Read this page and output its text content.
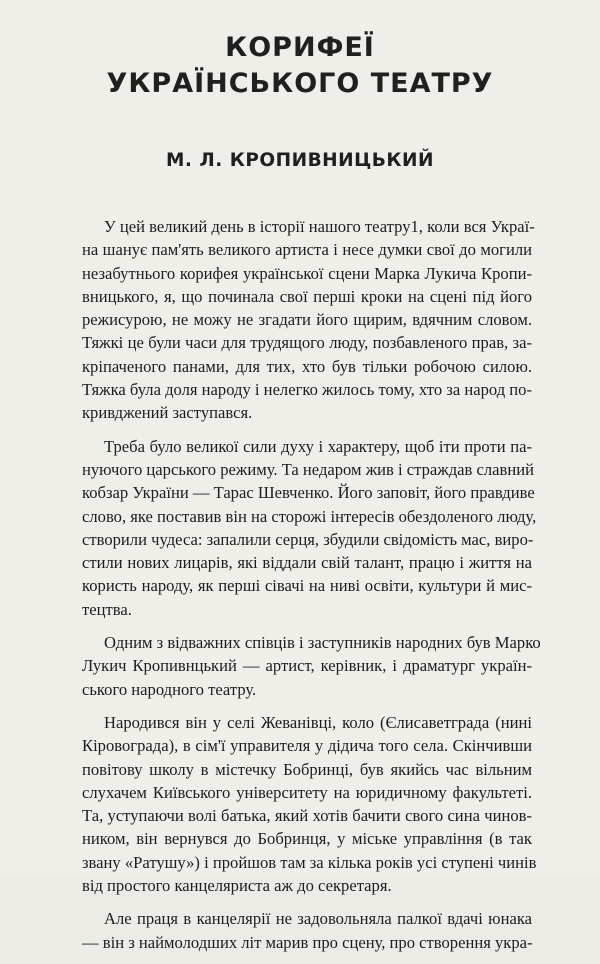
КОРИФЕЇ
УКРАЇНСЬКОГО ТЕАТРУ
М. Л. КРОПИВНИЦЬКИЙ
У цей великий день в історії нашого театру1, коли вся Украї-
на шанує пам'ять великого артиста і несе думки свої до могили
незабутнього корифея української сцени Марка Лукича Кропи-
вницького, я, що починала свої перші кроки на сцені під його
режисурою, не можу не згадати його щирим, вдячним словом.
Тяжкі це були часи для трудящого люду, позбавленого прав, за-
кріпаченого панами, для тих, хто був тільки робочою силою.
Тяжка була доля народу і нелегко жилось тому, хто за народ по-
кривджений заступався.
Треба було великої сили духу і характеру, щоб іти проти па-
нуючого царського режиму. Та недаром жив і страждав славний
кобзар України — Тарас Шевченко. Його заповіт, його правдиве
слово, яке поставив він на сторожі інтересів обездоленого люду,
створили чудеса: запалили серця, збудили свідомість мас, виро-
стили нових лицарів, які віддали свій талант, працю і життя на
користь народу, як перші сівачі на ниві освіти, культури й мис-
тецтва.
Одним з відважних співців і заступників народних був Марко
Лукич Кропивнцький — артист, керівник, і драматург україн-
ського народного театру.
Народився він у селі Жеванівці, коло (Єлисаветграда (нині
Кіровограда), в сім'ї управителя у дідича того села. Скінчивши
повітову школу в містечку Бобринці, був якийсь час вільним
слухачем Київського університету на юридичному факультеті.
Та, уступаючи волі батька, який хотів бачити свого сина чинов-
ником, він вернувся до Бобринця, у міське управління (в так
звану «Ратушу») і пройшов там за кілька років усі ступені чинів
від простого канцеляриста аж до секретаря.
Але праця в канцелярії не задовольняла палкої вдачі юнака
— він з наймолодших літ марив про сцену, про створення укра-
